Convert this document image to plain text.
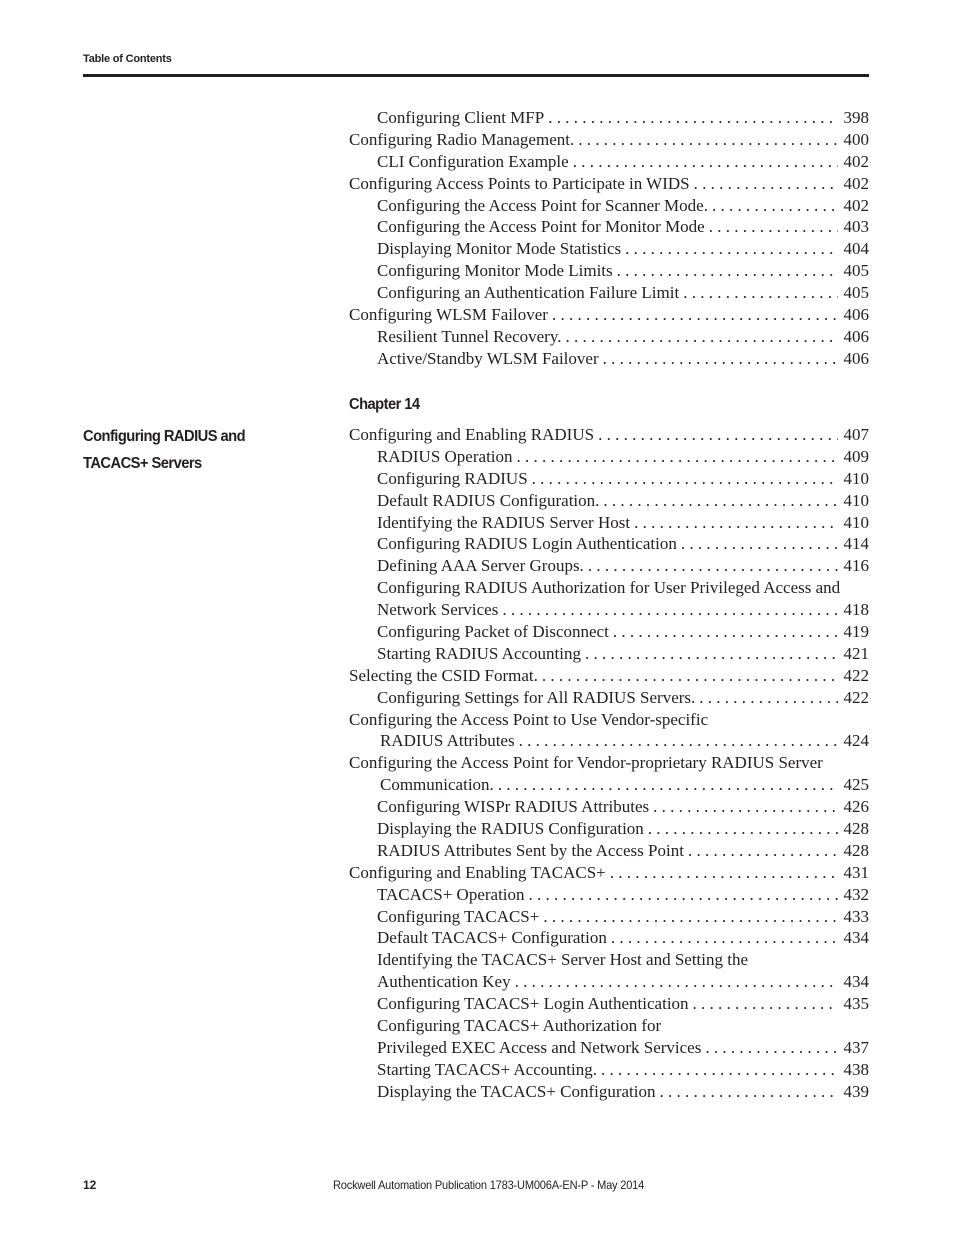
Table of Contents
Configuring Client MFP . . .	398
Configuring Radio Management. . . .	400
CLI Configuration Example . . .	402
Configuring Access Points to Participate in WIDS . . .	402
Configuring the Access Point for Scanner Mode. . . .	402
Configuring the Access Point for Monitor Mode . . .	403
Displaying Monitor Mode Statistics . . .	404
Configuring Monitor Mode Limits . . .	405
Configuring an Authentication Failure Limit . . .	405
Configuring WLSM Failover . . .	406
Resilient Tunnel Recovery. . . .	406
Active/Standby WLSM Failover . . .	406
Chapter 14
Configuring RADIUS and TACACS+ Servers
Configuring and Enabling RADIUS . . .	407
RADIUS Operation . . .	409
Configuring RADIUS . . .	410
Default RADIUS Configuration. . . .	410
Identifying the RADIUS Server Host . . .	410
Configuring RADIUS Login Authentication . . .	414
Defining AAA Server Groups. . . .	416
Configuring RADIUS Authorization for User Privileged Access and
Network Services . . .	418
Configuring Packet of Disconnect . . .	419
Starting RADIUS Accounting . . .	421
Selecting the CSID Format. . . .	422
Configuring Settings for All RADIUS Servers. . . .	422
Configuring the Access Point to Use Vendor-specific
RADIUS Attributes . . .	424
Configuring the Access Point for Vendor-proprietary RADIUS Server
Communication. . . .	425
Configuring WISPr RADIUS Attributes . . .	426
Displaying the RADIUS Configuration . . .	428
RADIUS Attributes Sent by the Access Point . . .	428
Configuring and Enabling TACACS+ . . .	431
TACACS+ Operation . . .	432
Configuring TACACS+ . . .	433
Default TACACS+ Configuration . . .	434
Identifying the TACACS+ Server Host and Setting the
Authentication Key . . .	434
Configuring TACACS+ Login Authentication . . .	435
Configuring TACACS+ Authorization for
Privileged EXEC Access and Network Services . . .	437
Starting TACACS+ Accounting. . . .	438
Displaying the TACACS+ Configuration . . .	439
12	Rockwell Automation Publication 1783-UM006A-EN-P - May 2014
